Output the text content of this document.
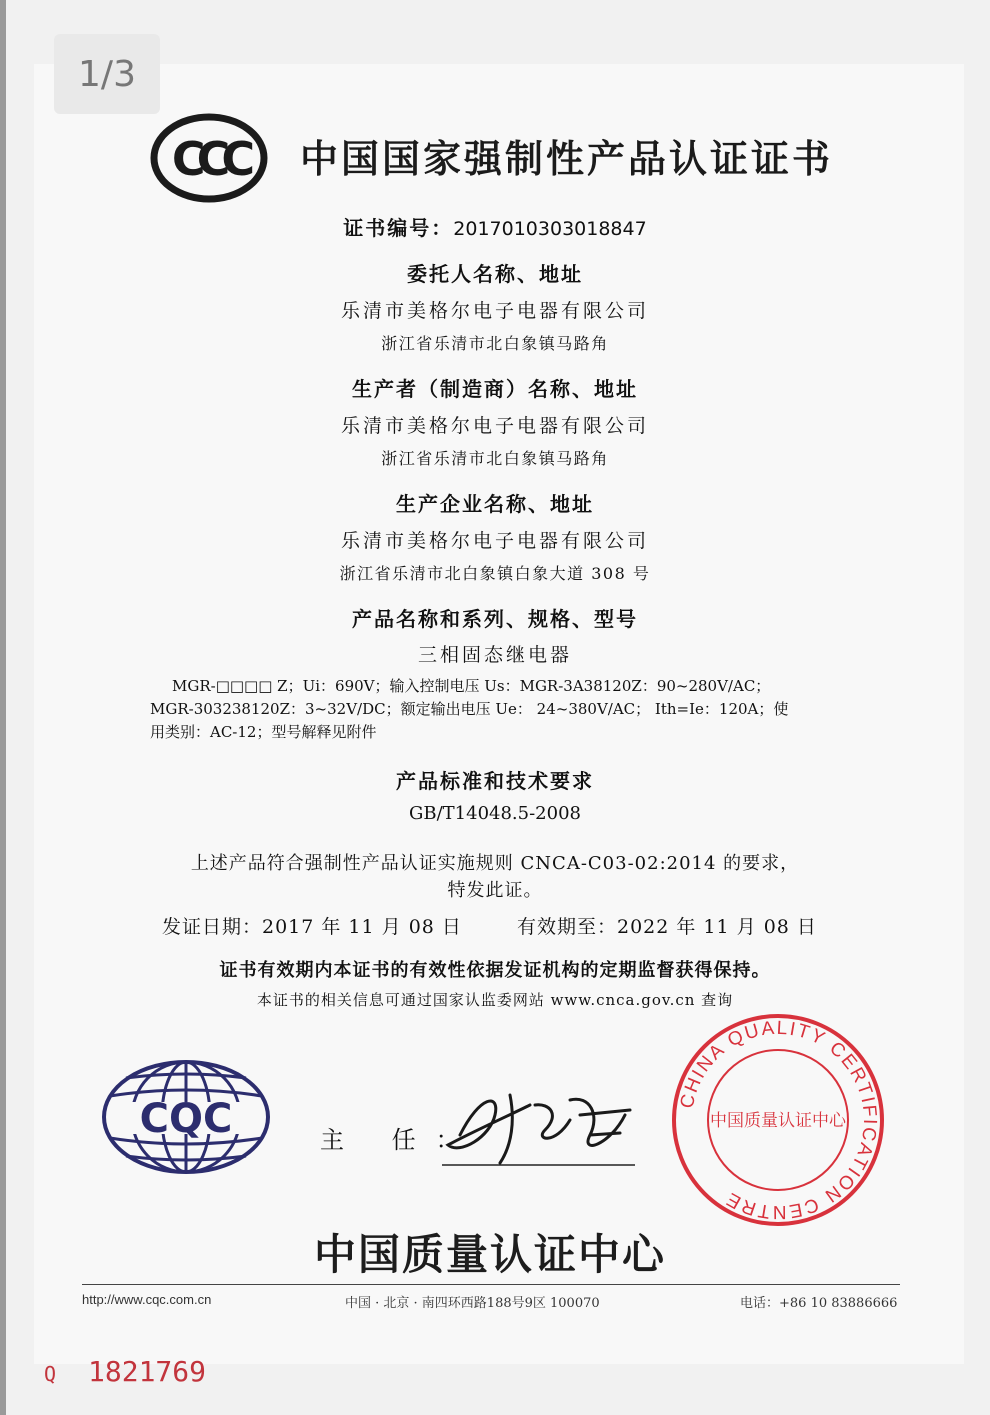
1/3
CCC 中国国家强制性产品认证证书
证书编号：2017010303018847
委托人名称、地址
乐清市美格尔电子电器有限公司
浙江省乐清市北白象镇马路角
生产者（制造商）名称、地址
乐清市美格尔电子电器有限公司
浙江省乐清市北白象镇马路角
生产企业名称、地址
乐清市美格尔电子电器有限公司
浙江省乐清市北白象镇白象大道 308 号
产品名称和系列、规格、型号
三相固态继电器
MGR-□□□□ Z；Ui：690V；输入控制电压 Us：MGR-3A38120Z：90~280V/AC；
MGR-303238120Z：3~32V/DC；额定输出电压 Ue： 24~380V/AC； Ith=Ie：120A；使
用类别：AC-12；型号解释见附件
产品标准和技术要求
GB/T14048.5-2008
上述产品符合强制性产品认证实施规则 CNCA-C03-02:2014 的要求，
特发此证。
发证日期：2017 年 11 月 08 日	有效期至：2022 年 11 月 08 日
证书有效期内本证书的有效性依据发证机构的定期监督获得保持。
本证书的相关信息可通过国家认监委网站 www.cnca.gov.cn 查询
CQC	主 任：
CHINA QUALITY CERTIFICATION CENTRE
中国质量认证中心
中国质量认证中心
http://www.cqc.com.cn	中国 · 北京 · 南四环西路188号9区 100070	电话：+86 10 83886666
Q 1821769
